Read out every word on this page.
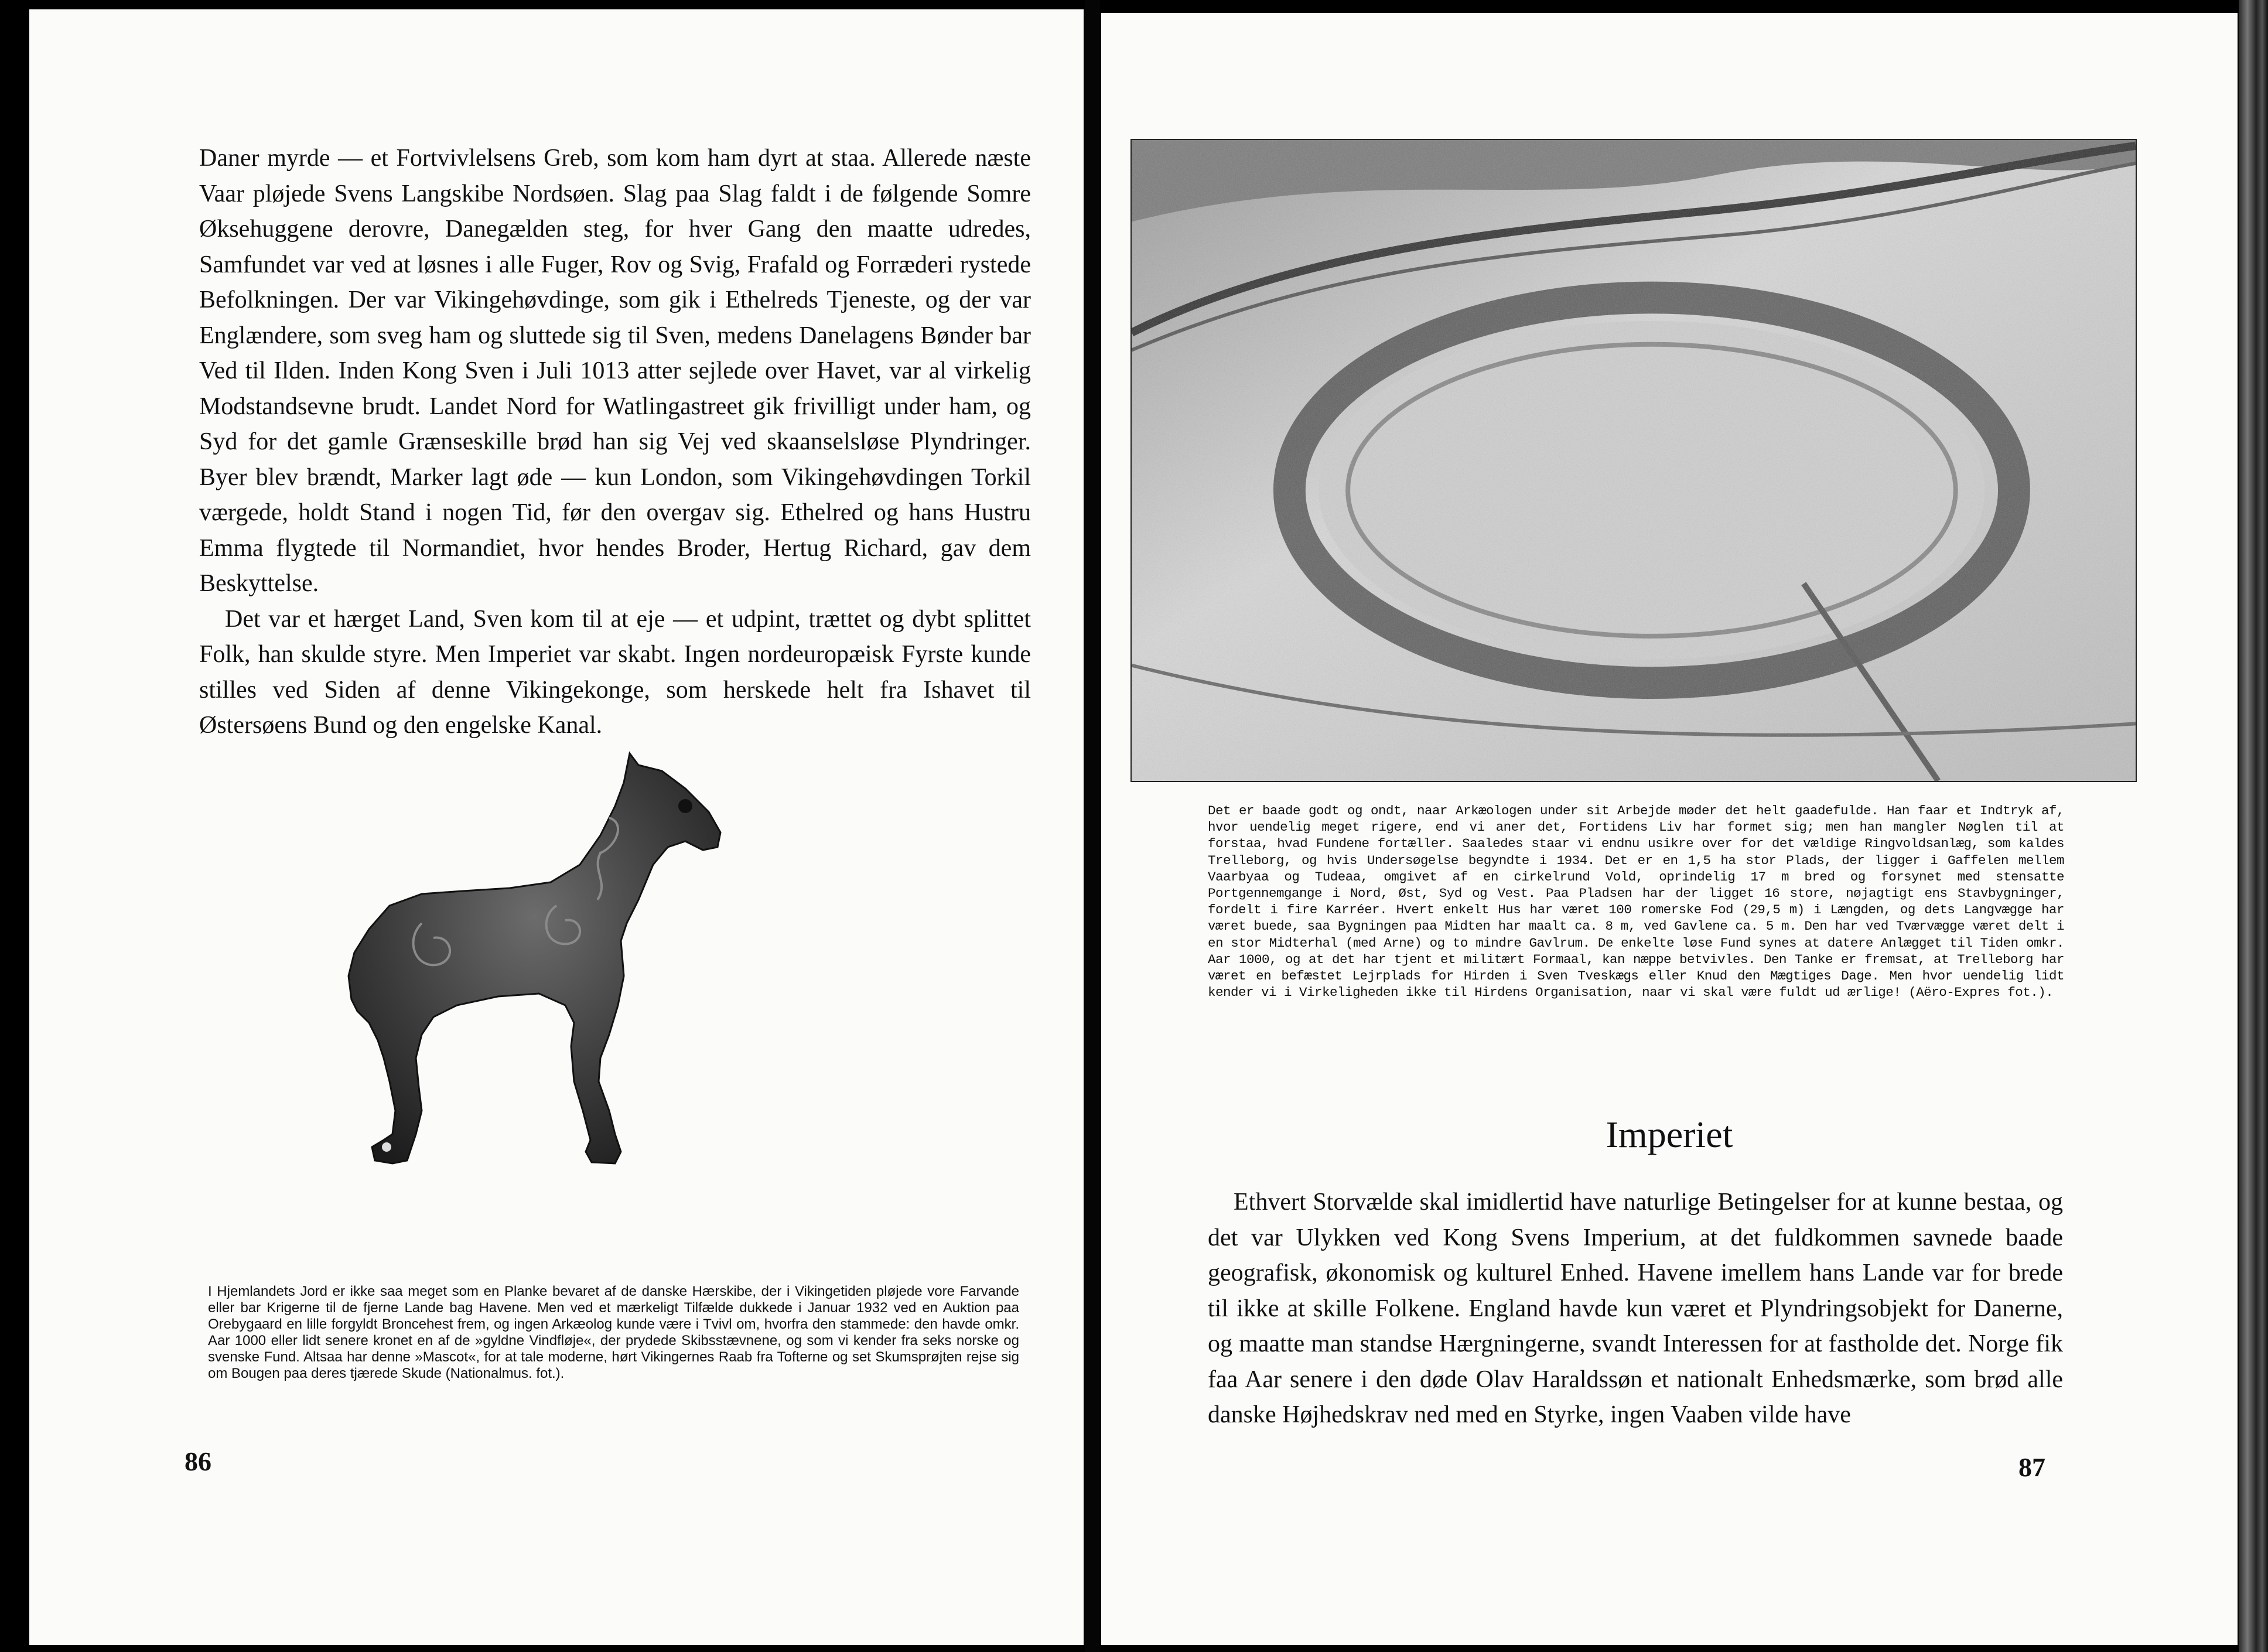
Daner myrde — et Fortvivlelsens Greb, som kom ham dyrt at staa. Allerede næste Vaar pløjede Svens Langskibe Nordsøen. Slag paa Slag faldt i de følgende Somre Øksehuggene derovre, Danegælden steg, for hver Gang den maatte udredes, Samfundet var ved at løsnes i alle Fuger, Rov og Svig, Frafald og Forræderi rystede Befolkningen. Der var Vikingehøvdinge, som gik i Ethelreds Tjeneste, og der var Englændere, som sveg ham og sluttede sig til Sven, medens Danelagens Bønder bar Ved til Ilden. Inden Kong Sven i Juli 1013 atter sejlede over Havet, var al virkelig Modstandsevne brudt. Landet Nord for Watlingastreet gik frivilligt under ham, og Syd for det gamle Grænseskille brød han sig Vej ved skaanselsløse Plyndringer. Byer blev brændt, Marker lagt øde — kun London, som Vikingehøvdingen Torkil værgede, holdt Stand i nogen Tid, før den overgav sig. Ethelred og hans Hustru Emma flygtede til Normandiet, hvor hendes Broder, Hertug Richard, gav dem Beskyttelse.

Det var et hærget Land, Sven kom til at eje — et udpint, trættet og dybt splittet Folk, han skulde styre. Men Imperiet var skabt. Ingen nordeuropæisk Fyrste kunde stilles ved Siden af denne Vikingekonge, som herskede helt fra Ishavet til Østersøens Bund og den engelske Kanal.

I Hjemlandets Jord er ikke saa meget som en Planke bevaret af de danske Hærskibe, der i Vikingetiden pløjede vore Farvande eller bar Krigerne til de fjerne Lande bag Havene. Men ved et mærkeligt Tilfælde dukkede i Januar 1932 ved en Auktion paa Orebygaard en lille forgyldt Broncehest frem, og ingen Arkæolog kunde være i Tvivl om, hvorfra den stammede: den havde omkr. Aar 1000 eller lidt senere kronet en af de »gyldne Vindfløje«, der prydede Skibsstævnene, og som vi kender fra seks norske og svenske Fund. Altsaa har denne »Mascot«, for at tale moderne, hørt Vikingernes Raab fra Tofterne og set Skumsprøjten rejse sig om Bougen paa deres tjærede Skude (Nationalmus. fot.).

86

Det er baade godt og ondt, naar Arkæologen under sit Arbejde møder det helt gaadefulde. Han faar et Indtryk af, hvor uendelig meget rigere, end vi aner det, Fortidens Liv har formet sig; men han mangler Nøglen til at forstaa, hvad Fundene fortæller. Saaledes staar vi endnu usikre over for det vældige Ringvoldsanlæg, som kaldes Trelleborg, og hvis Undersøgelse begyndte i 1934. Det er en 1,5 ha stor Plads, der ligger i Gaffelen mellem Vaarbyaa og Tudeaa, omgivet af en cirkelrund Vold, oprindelig 17 m bred og forsynet med stensatte Portgennemgange i Nord, Øst, Syd og Vest. Paa Pladsen har der ligget 16 store, nøjagtigt ens Stavbygninger, fordelt i fire Karréer. Hvert enkelt Hus har været 100 romerske Fod (29,5 m) i Længden, og dets Langvægge har været buede, saa Bygningen paa Midten har maalt ca. 8 m, ved Gavlene ca. 5 m. Den har ved Tværvægge været delt i en stor Midterhal (med Arne) og to mindre Gavlrum. De enkelte løse Fund synes at datere Anlægget til Tiden omkr. Aar 1000, og at det har tjent et militært Formaal, kan næppe betvivles. Den Tanke er fremsat, at Trelleborg har været en befæstet Lejrplads for Hirden i Sven Tveskægs eller Knud den Mægtiges Dage. Men hvor uendelig lidt kender vi i Virkeligheden ikke til Hirdens Organisation, naar vi skal være fuldt ud ærlige! (Aëro-Expres fot.).

Imperiet

Ethvert Storvælde skal imidlertid have naturlige Betingelser for at kunne bestaa, og det var Ulykken ved Kong Svens Imperium, at det fuldkommen savnede baade geografisk, økonomisk og kulturel Enhed. Havene imellem hans Lande var for brede til ikke at skille Folkene. England havde kun været et Plyndringsobjekt for Danerne, og maatte man standse Hærgningerne, svandt Interessen for at fastholde det. Norge fik faa Aar senere i den døde Olav Haraldssøn et nationalt Enhedsmærke, som brød alle danske Højhedskrav ned med en Styrke, ingen Vaaben vilde have

87
